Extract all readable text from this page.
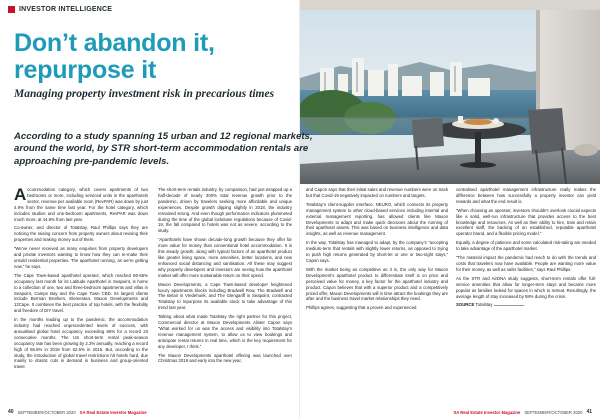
INVESTOR INTELLIGENCE
Don’t abandon it,
repurpose it
Managing property investment risk in precarious times

Accommodation category, which covers apartments of two bedrooms or more, including serviced units in the aparthotels sector, revenue per available room (RevPAR) was down by just 4.9% from the same time last year. For the hotel category, which includes studios and one-bedroom apartments, RevPAR was down much more, at 44.8% from last year.

Co-owner, and director of Totalstay, Raul Phillips says they are noticing the raising concern from property owners about revising their properties and making money out of them.

“We’ve never received as many enquiries from property developers and private investors wanting to know how they can re-make their unsold residential properties. The aparthotel running, as we’re getting now,” he says.

The Cape Town-based aparthotel operator, which reached 80-55% occupancy last month for its Latitude Aparthotel in Seapoint, is home to a collection of one, two and three-bedroom apartments and villas in Seapoint, Camps Bay and the Cape Town CBD. Its largest clients include Berman Brothers, Elementa4, Maxon Developments and 12Cape. It combines the best practice of top hotels, with the flexibility and freedom of DIY travel.

In the months leading up to the pandemic, the accommodation industry had reached unprecedented levels of success, with annualised global hotel occupancy exceeding 66% for a record 23 consecutive months. The US short-term rental peak-season occupancy rate has been growing by 2.3% annually, reaching a record high of 56.6% in 2019 from 52.6% in 2015. But, according to the study, the introduction of global travel restrictions hit hotels hard, due mainly to drastic cuts in demand in business and group-oriented travel.

The short-term rentals industry, by comparison, had just wrapped up a half-decade of nearly 300% total revenue growth prior to the pandemic, driven by travelers seeking more affordable and unique experiences. Despite growth dipping slightly in 2018, the industry remained strong. And even though performance indicators plummeted during the time of the global lockdown regulations because of Covid-19, the fall compared to hotels was not as severe, according to the study.

“Aparthotels have shown decade-long growth because they offer far more value for money than conventional hotel accommodation. It is this steady growth, along with typical factors of an aparthotel product like greater living space, more amenities, better locations, and new enhanced social distancing and sanitisation. All these may suggest why property developers and investors are seeing how the aparthotel market will offer more sustainable return on their spend.

Maxon Developments, a Cape Town-based developer heightened luxury apartments blocks including Bradwell Row, The Bradwell and The Belair in Vredehoek, and The Glengariff in Seapoint, contracted Totalstay to repurpose its available stock to take advantage of this trend last year.

Talking about what made Totalstay the right partner for this project, Commercial director at Maxon Developments Alister Capon says “What worked for us was the access and visibility into Totalstay’s revenue management system, to allow us to view bookings and anticipate rental returns in real time, which is the key requirement for any developer, I think.”

The Maxon Developments aparthotel offering was launched over Christmas 2019 and early into the new year,

40 SEPTEMBER/OCTOBER 2020 SA Real Estate Investor Magazine

and Capon says that their initial sales and revenue numbers were on track but that Covid-19 negatively impacted on numbers and targets.

Totalstay’s client-supplier interface, NEURO, which connects its property management system to other cloud-based services including internal and external management reporting, has allowed clients like Maxon Developments to adapt and make quick decisions about the running of their aparthotel assets. This was based on business intelligence and data insights, as well as revenue management.

In the way, Totalstay has managed to adapt, by the company’s “accepting medium-term that rentals with slightly lower returns, as opposed to trying to push high returns generated by short-let or one or two-night stays,” Capon says.

With the market being as competitive as it is, the only way for Maxon Development’s aparthotel product to differentiate itself is on price and perceived value for money, a key factor for the aparthotel industry and product. Capon believes that with a superior product and a competitively priced offer, Maxon Developments will in time attract the bookings they are after and the business travel market relationships they need.

Phillips agrees, suggesting that a proven and experienced

centralised aparthotel management infrastructure really makes the difference between how successfully a property investor can yield rewards and what the end result is.

“When choosing an operator, investors shouldn’t overlook crucial aspects like a solid, well-run infrastructure that provides access to the best knowledge and resources. As well as their ability to hire, train and retain excellent staff, the backing of an established, reputable aparthotel operator brand, and a flexible pricing model.”

Equally, a degree of patience and some calculated risk-taking are needed to take advantage of the aparthotel market.

“The material impact the pandemic had reach to do with the trends and costs that travelers now have available. People are wanting more value for their money, as well as safer facilities,” says Raul Phillips.

As the STR and AirDNA study suggests, short-term rentals offer full-service amenities that allow for longer-term stays and became more popular as families looked for spaces in which to retreat. Resultingly, the average length of stay increased by 58% during the crisis.

SOURCE Totalstay

SA Real Estate Investor Magazine SEPTEMBER/OCTOBER 2020 41
According to a study spanning 15 urban and 12 regional markets, around the world, by STR short-term accommodation rentals are approaching pre-pandemic levels.
